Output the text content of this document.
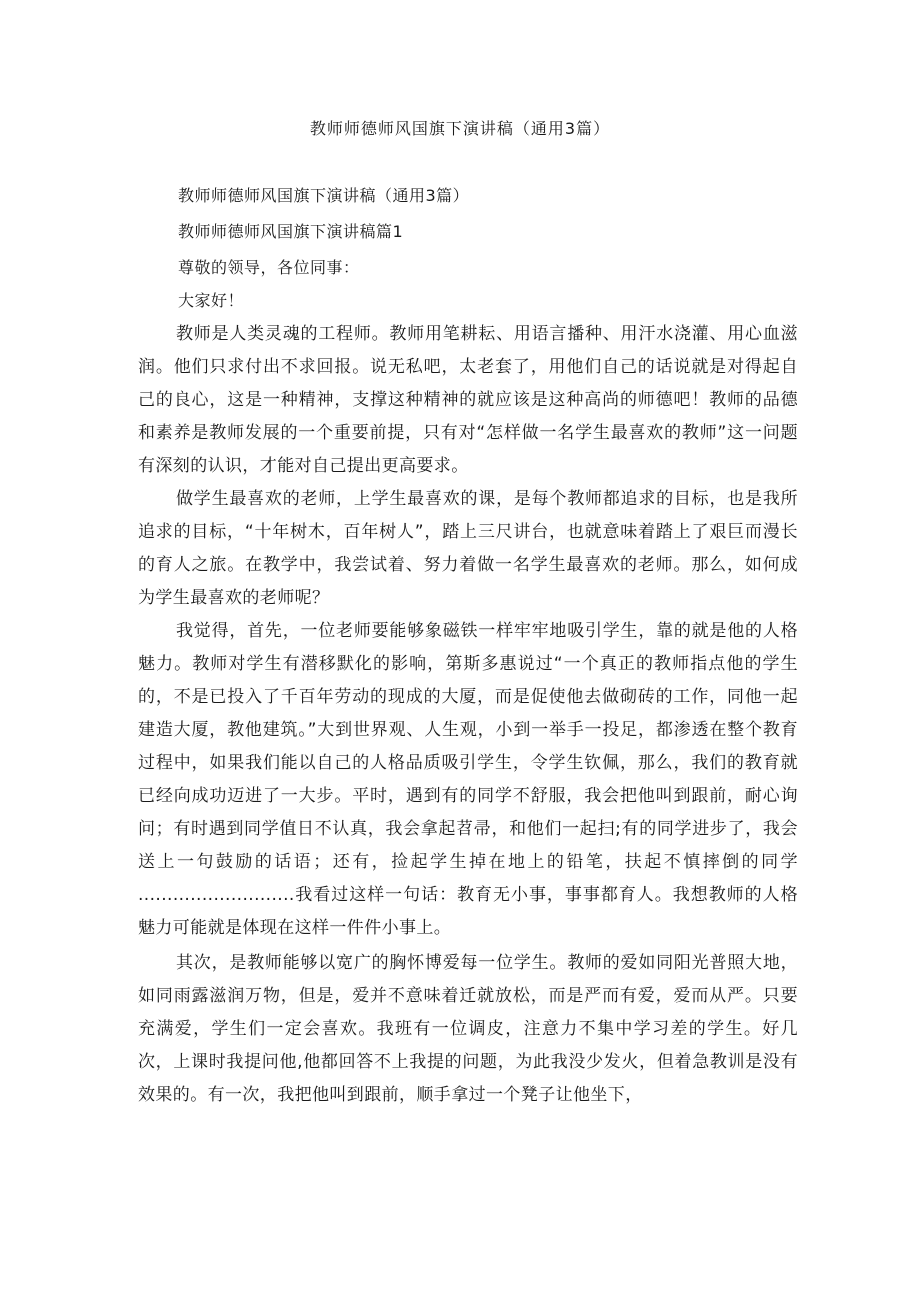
教师师德师风国旗下演讲稿（通用3篇）
教师师德师风国旗下演讲稿（通用3篇）
教师师德师风国旗下演讲稿篇1
尊敬的领导，各位同事：
大家好！

教师是人类灵魂的工程师。教师用笔耕耘、用语言播种、用汗水浇灌、用心血滋润。他们只求付出不求回报。说无私吧，太老套了，用他们自己的话说就是对得起自己的良心，这是一种精神，支撑这种精神的就应该是这种高尚的师德吧！教师的品德和素养是教师发展的一个重要前提，只有对“怎样做一名学生最喜欢的教师”这一问题有深刻的认识，才能对自己提出更高要求。

做学生最喜欢的老师，上学生最喜欢的课，是每个教师都追求的目标，也是我所追求的目标，“十年树木，百年树人”，踏上三尺讲台，也就意味着踏上了艰巨而漫长的育人之旅。在教学中，我尝试着、努力着做一名学生最喜欢的老师。那么，如何成为学生最喜欢的老师呢？

我觉得，首先，一位老师要能够象磁铁一样牢牢地吸引学生，靠的就是他的人格魅力。教师对学生有潜移默化的影响，第斯多惠说过“一个真正的教师指点他的学生的，不是已投入了千百年劳动的现成的大厦，而是促使他去做砌砖的工作，同他一起建造大厦，教他建筑。”大到世界观、人生观，小到一举手一投足，都渗透在整个教育过程中，如果我们能以自己的人格品质吸引学生，令学生钦佩，那么，我们的教育就已经向成功迈进了一大步。平时，遇到有的同学不舒服，我会把他叫到跟前，耐心询问；有时遇到同学值日不认真，我会拿起苕帚，和他们一起扫;有的同学进步了，我会送上一句鼓励的话语；还有，捡起学生掉在地上的铅笔，扶起不慎摔倒的同学 ...........................我看过这样一句话：教育无小事，事事都育人。我想教师的人格魅力可能就是体现在这样一件件小事上。

其次，是教师能够以宽广的胸怀博爱每一位学生。教师的爱如同阳光普照大地，如同雨露滋润万物，但是，爱并不意味着迁就放松，而是严而有爱，爱而从严。只要充满爱，学生们一定会喜欢。我班有一位调皮，注意力不集中学习差的学生。好几次，上课时我提问他,他都回答不上我提的问题，为此我没少发火，但着急教训是没有效果的。有一次，我把他叫到跟前，顺手拿过一个凳子让他坐下，
